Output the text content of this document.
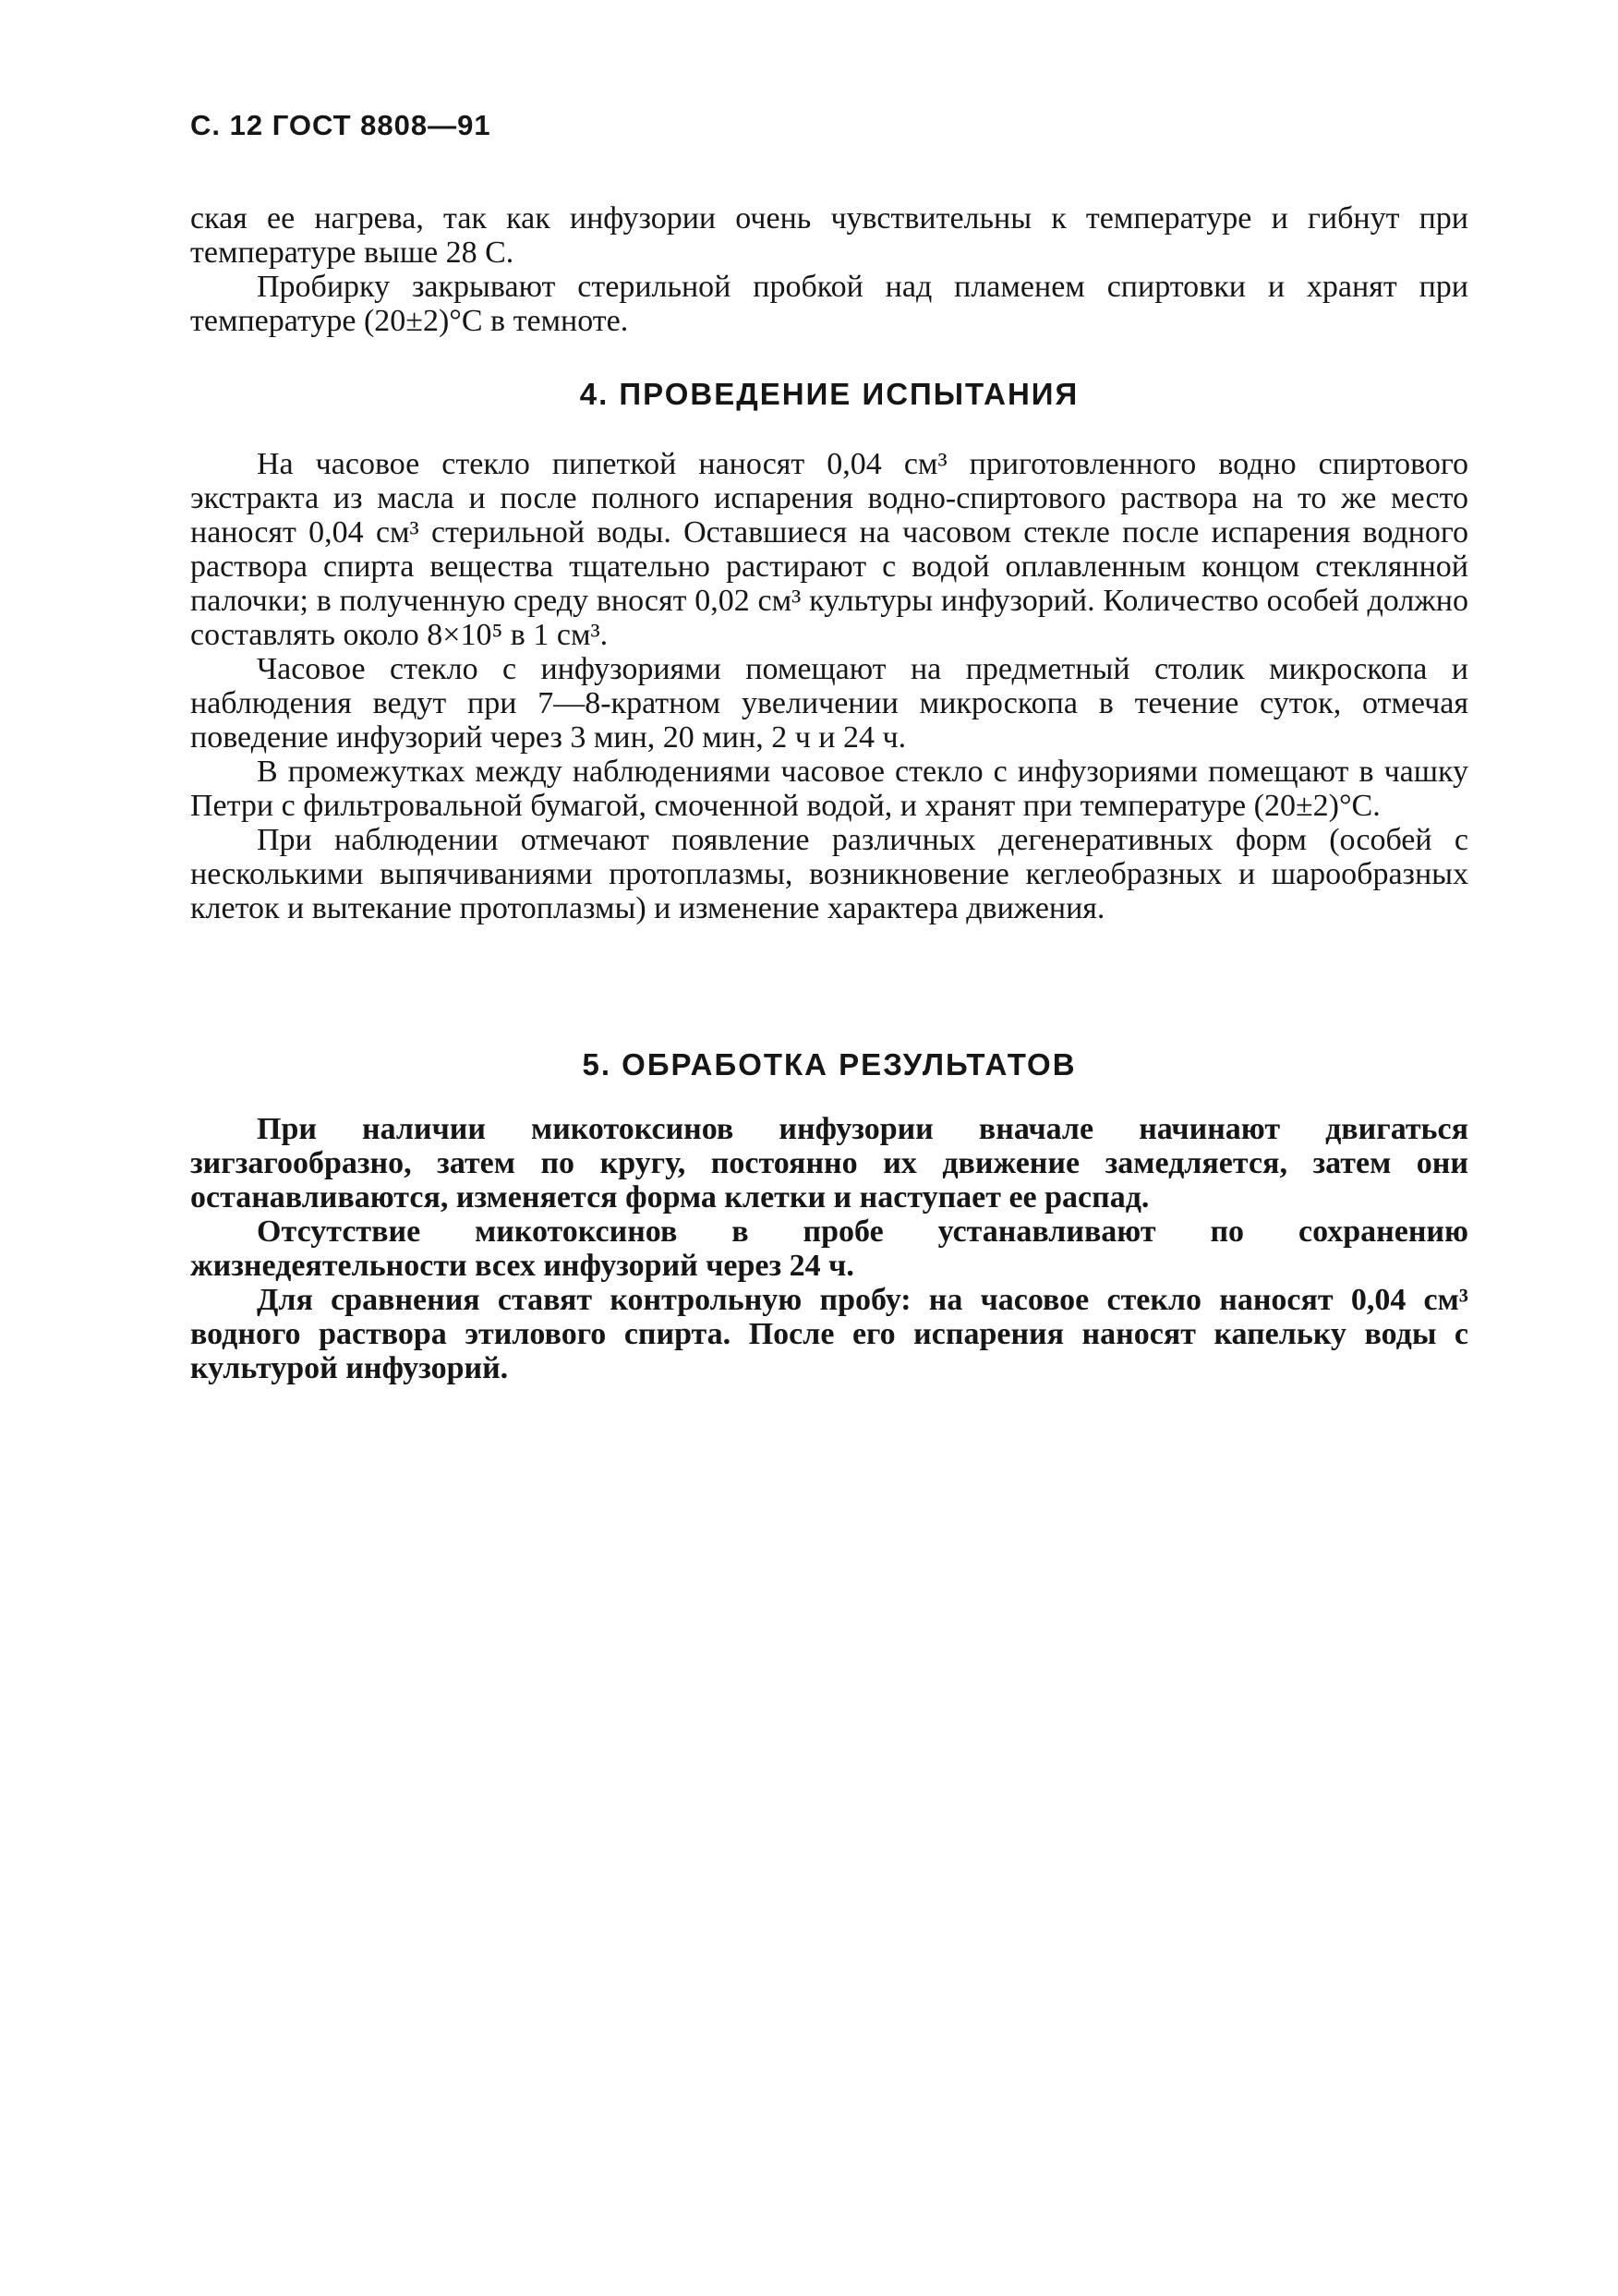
С. 12 ГОСТ 8808—91

ская ее нагрева, так как инфузории очень чувствительны к температуре и гибнут при температуре выше 28 С.

Пробирку закрывают стерильной пробкой над пламенем спиртовки и хранят при температуре (20±2)°С в темноте.

4. ПРОВЕДЕНИЕ ИСПЫТАНИЯ

На часовое стекло пипеткой наносят 0,04 см³ приготовленного водно спиртового экстракта из масла и после полного испарения водно-спиртового раствора на то же место наносят 0,04 см³ стерильной воды. Оставшиеся на часовом стекле после испарения водного раствора спирта вещества тщательно растирают с водой оплавленным концом стеклянной палочки; в полученную среду вносят 0,02 см³ культуры инфузорий. Количество особей должно составлять около 8×10⁵ в 1 см³.

Часовое стекло с инфузориями помещают на предметный столик микроскопа и наблюдения ведут при 7—8-кратном увеличении микроскопа в течение суток, отмечая поведение инфузорий через 3 мин, 20 мин, 2 ч и 24 ч.

В промежутках между наблюдениями часовое стекло с инфузориями помещают в чашку Петри с фильтровальной бумагой, смоченной водой, и хранят при температуре (20±2)°С.

При наблюдении отмечают появление различных дегенеративных форм (особей с несколькими выпячиваниями протоплазмы, возникновение кеглеобразных и шарообразных клеток и вытекание протоплазмы) и изменение характера движения.

5. ОБРАБОТКА РЕЗУЛЬТАТОВ

При наличии микотоксинов инфузории вначале начинают двигаться зигзагообразно, затем по кругу, постоянно их движение замедляется, затем они останавливаются, изменяется форма клетки и наступает ее распад.

Отсутствие микотоксинов в пробе устанавливают по сохранению жизнедеятельности всех инфузорий через 24 ч.

Для сравнения ставят контрольную пробу: на часовое стекло наносят 0,04 см³ водного раствора этилового спирта. После его испарения наносят капельку воды с культурой инфузорий.
